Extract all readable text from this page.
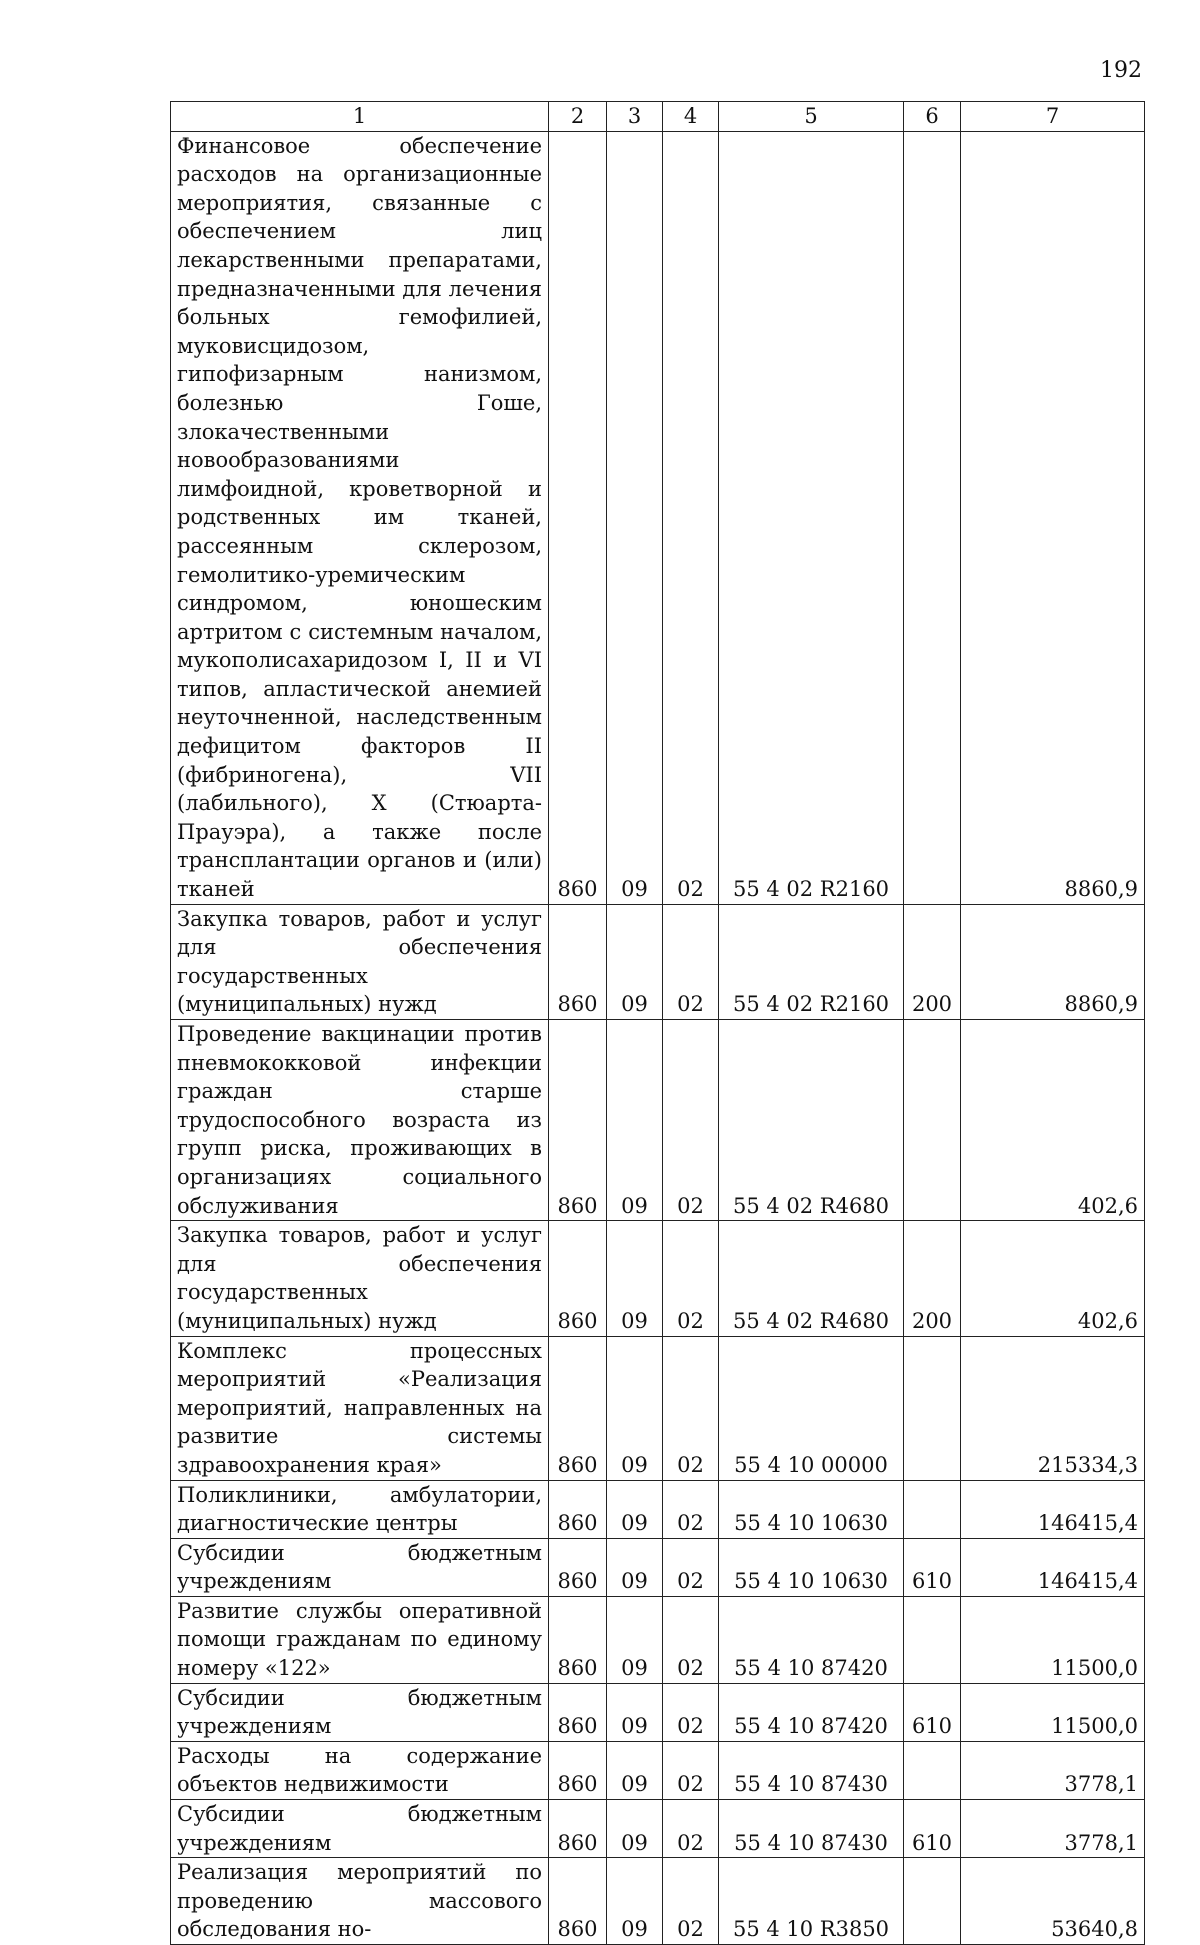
192
1	2	3	4	5	6	7
Финансовое обеспечение расходов на организационные мероприятия, связанные с обеспечением лиц лекарственными препаратами, предназначенными для лечения больных гемофилией, муковисцидозом, гипофизарным нанизмом, болезнью Гоше, злокачественными новообразованиями лимфоидной, кроветворной и родственных им тканей, рассеянным склерозом, гемолитико-уремическим синдромом, юношеским артритом с системным началом, мукополисахаридозом I, II и VI типов, апластической анемией неуточненной, наследственным дефицитом факторов II (фибриногена), VII (лабильного), X (Стюарта-Прауэра), а также после трансплантации органов и (или) тканей	860	09	02	55 4 02 R2160		8860,9
Закупка товаров, работ и услуг для обеспечения государственных (муниципальных) нужд	860	09	02	55 4 02 R2160	200	8860,9
Проведение вакцинации против пневмококковой инфекции граждан старше трудоспособного возраста из групп риска, проживающих в организациях социального обслуживания	860	09	02	55 4 02 R4680		402,6
Закупка товаров, работ и услуг для обеспечения государственных (муниципальных) нужд	860	09	02	55 4 02 R4680	200	402,6
Комплекс процессных мероприятий «Реализация мероприятий, направленных на развитие системы здравоохранения края»	860	09	02	55 4 10 00000		215334,3
Поликлиники, амбулатории, диагностические центры	860	09	02	55 4 10 10630		146415,4
Субсидии бюджетным учреждениям	860	09	02	55 4 10 10630	610	146415,4
Развитие службы оперативной помощи гражданам по единому номеру «122»	860	09	02	55 4 10 87420		11500,0
Субсидии бюджетным учреждениям	860	09	02	55 4 10 87420	610	11500,0
Расходы на содержание объектов недвижимости	860	09	02	55 4 10 87430		3778,1
Субсидии бюджетным учреждениям	860	09	02	55 4 10 87430	610	3778,1
Реализация мероприятий по проведению массового обследования но-	860	09	02	55 4 10 R3850		53640,8
